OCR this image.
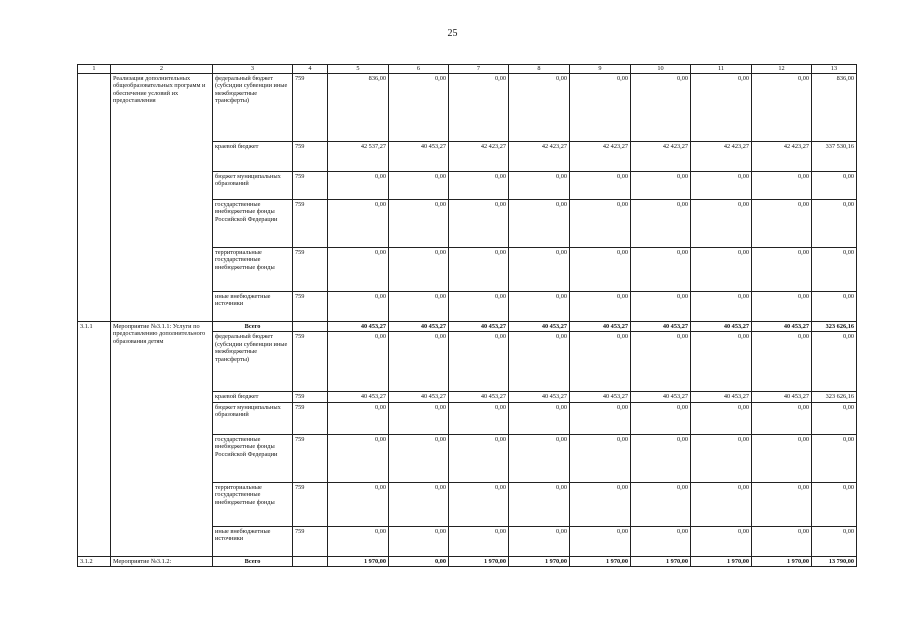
25
1	2	3	4	5	6	7	8	9	10	11	12	13
	Реализация дополнительных общеобразовательных программ и обеспечение условий их предоставления	федеральный бюджет (субсидии субвенции иные межбюджетные трансферты)	759	836,00	0,00	0,00	0,00	0,00	0,00	0,00	0,00	836,00
		краевой бюджет	759	42 537,27	40 453,27	42 423,27	42 423,27	42 423,27	42 423,27	42 423,27	42 423,27	337 530,16
		бюджет муниципальных образований	759	0,00	0,00	0,00	0,00	0,00	0,00	0,00	0,00	0,00
		государственные внебюджетные фонды Российской Федерации	759	0,00	0,00	0,00	0,00	0,00	0,00	0,00	0,00	0,00
		территориальные государственные внебюджетные фонды	759	0,00	0,00	0,00	0,00	0,00	0,00	0,00	0,00	0,00
		иные внебюджетные источники	759	0,00	0,00	0,00	0,00	0,00	0,00	0,00	0,00	0,00
3.1.1	Мероприятие №3.1.1: Услуги по предоставлению дополнительного образования детям	Всего		40 453,27	40 453,27	40 453,27	40 453,27	40 453,27	40 453,27	40 453,27	40 453,27	323 626,16
		федеральный бюджет (субсидии субвенции иные межбюджетные трансферты)	759	0,00	0,00	0,00	0,00	0,00	0,00	0,00	0,00	0,00
		краевой бюджет	759	40 453,27	40 453,27	40 453,27	40 453,27	40 453,27	40 453,27	40 453,27	40 453,27	323 626,16
		бюджет муниципальных образований	759	0,00	0,00	0,00	0,00	0,00	0,00	0,00	0,00	0,00
		государственные внебюджетные фонды Российской Федерации	759	0,00	0,00	0,00	0,00	0,00	0,00	0,00	0,00	0,00
		территориальные государственные внебюджетные фонды	759	0,00	0,00	0,00	0,00	0,00	0,00	0,00	0,00	0,00
		иные внебюджетные источники	759	0,00	0,00	0,00	0,00	0,00	0,00	0,00	0,00	0,00
3.1.2	Мероприятие №3.1.2:	Всего		1 970,00	0,00	1 970,00	1 970,00	1 970,00	1 970,00	1 970,00	1 970,00	13 790,00
